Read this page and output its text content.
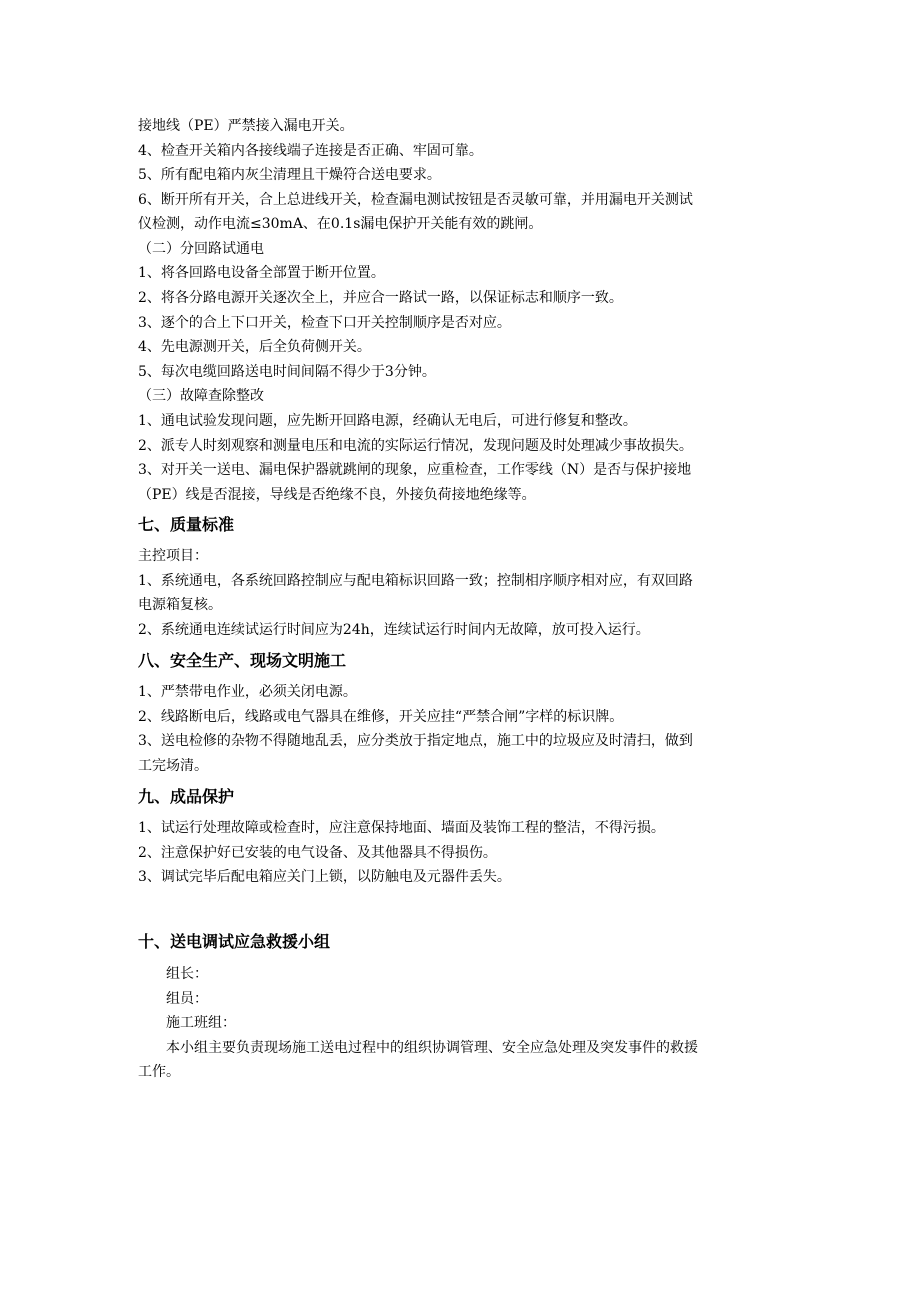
接地线（PE）严禁接入漏电开关。
4、检查开关箱内各接线端子连接是否正确、牢固可靠。
5、所有配电箱内灰尘清理且干燥符合送电要求。
6、断开所有开关，合上总进线开关，检查漏电测试按钮是否灵敏可靠，并用漏电开关测试
仪检测，动作电流≤30mA、在0.1s漏电保护开关能有效的跳闸。
（二）分回路试通电
1、将各回路电设备全部置于断开位置。
2、将各分路电源开关逐次全上，并应合一路试一路，以保证标志和顺序一致。
3、逐个的合上下口开关，检查下口开关控制顺序是否对应。
4、先电源测开关，后全负荷侧开关。
5、每次电缆回路送电时间间隔不得少于3分钟。
（三）故障查除整改
1、通电试验发现问题，应先断开回路电源，经确认无电后，可进行修复和整改。
2、派专人时刻观察和测量电压和电流的实际运行情况，发现问题及时处理减少事故损失。
3、对开关一送电、漏电保护器就跳闸的现象，应重检查，工作零线（N）是否与保护接地
（PE）线是否混接，导线是否绝缘不良，外接负荷接地绝缘等。
七、质量标准
主控项目：
1、系统通电，各系统回路控制应与配电箱标识回路一致；控制相序顺序相对应，有双回路
电源箱复核。
2、系统通电连续试运行时间应为24h，连续试运行时间内无故障，放可投入运行。
八、安全生产、现场文明施工
1、严禁带电作业，必须关闭电源。
2、线路断电后，线路或电气器具在维修，开关应挂“严禁合闸”字样的标识牌。
3、送电检修的杂物不得随地乱丢，应分类放于指定地点，施工中的垃圾应及时清扫，做到
工完场清。
九、成品保护
1、试运行处理故障或检查时，应注意保持地面、墙面及装饰工程的整洁，不得污损。
2、注意保护好已安装的电气设备、及其他器具不得损伤。
3、调试完毕后配电箱应关门上锁，以防触电及元器件丢失。
十、送电调试应急救援小组
组长：
组员：
施工班组：
本小组主要负责现场施工送电过程中的组织协调管理、安全应急处理及突发事件的救援
工作。
